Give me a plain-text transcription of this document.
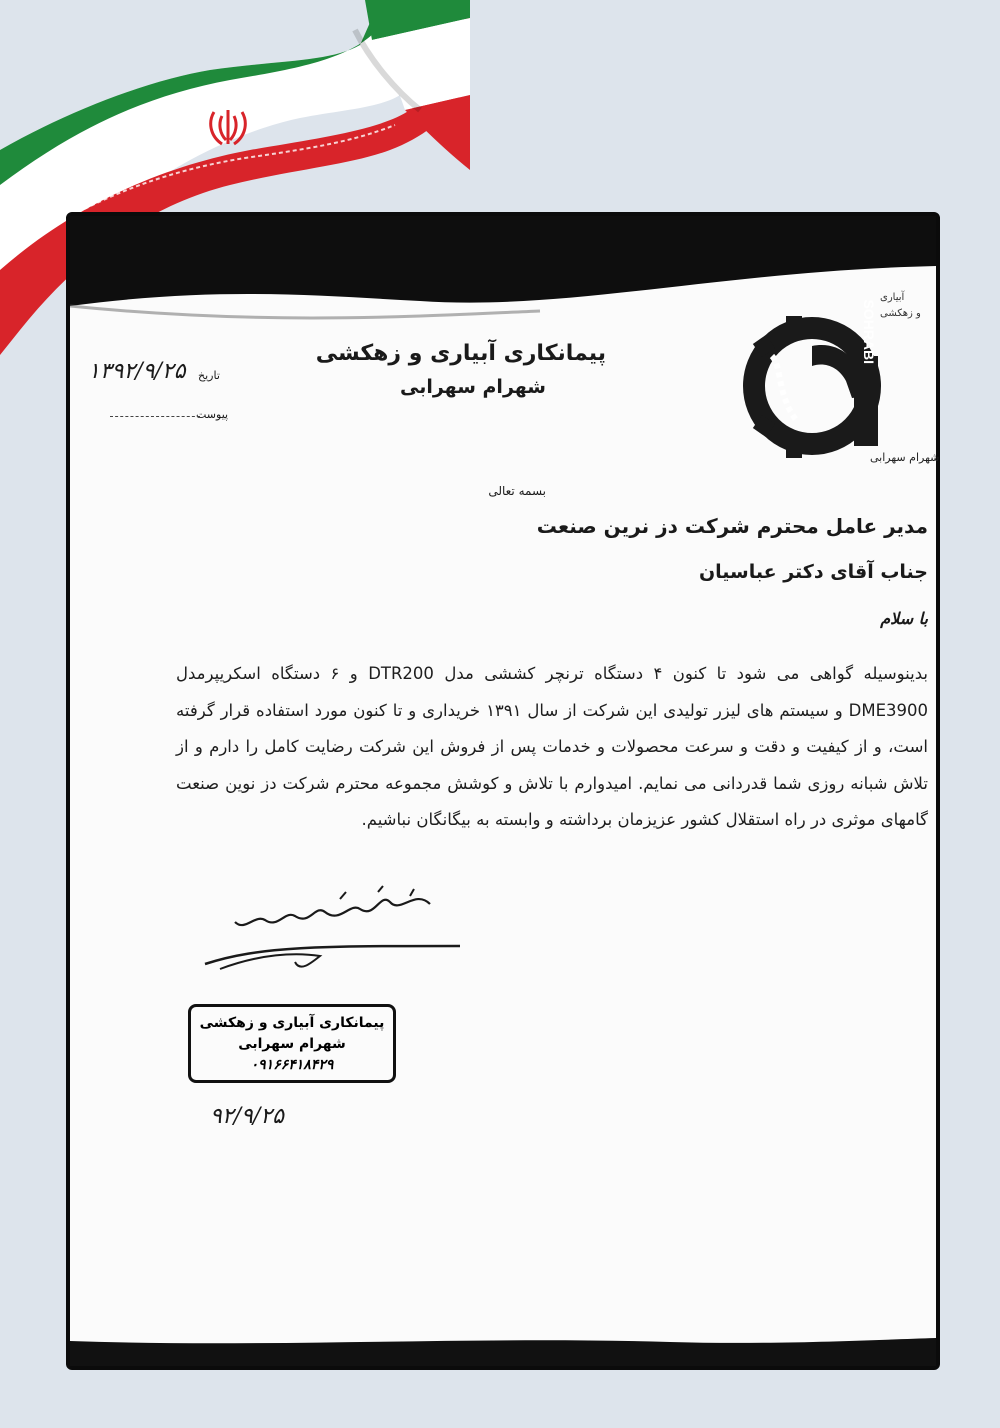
SOHRABI
آبیاری
و زهکشی
شهرام سهرابی
پیمانکاری آبیاری و زهکشی
شهرام سهرابی
تاریخ
۱۳۹۲/۹/۲۵
پیوست
بسمه تعالی
مدیر عامل محترم شرکت دز نرین صنعت
جناب آقای دکتر عباسیان
با سلام
بدینوسیله گواهی می شود تا کنون ۴ دستگاه ترنچر کششی مدل DTR200 و ۶ دستگاه اسکریپرمدل DME3900 و سیستم های لیزر تولیدی این شرکت از سال ۱۳۹۱ خریداری و تا کنون مورد استفاده قرار گرفته است، و از کیفیت و دقت و سرعت محصولات و خدمات پس از فروش این شرکت رضایت کامل را دارم و از تلاش شبانه روزی شما قدردانی می نمایم. امیدوارم با تلاش و کوشش مجموعه محترم شرکت دز نوین صنعت گامهای موثری در راه استقلال کشور عزیزمان برداشته و وابسته به بیگانگان نباشیم.
پیمانکاری آبیاری و زهکشی
شهرام سهرابی
۰۹۱۶۶۴۱۸۴۲۹
۹۲/۹/۲۵
